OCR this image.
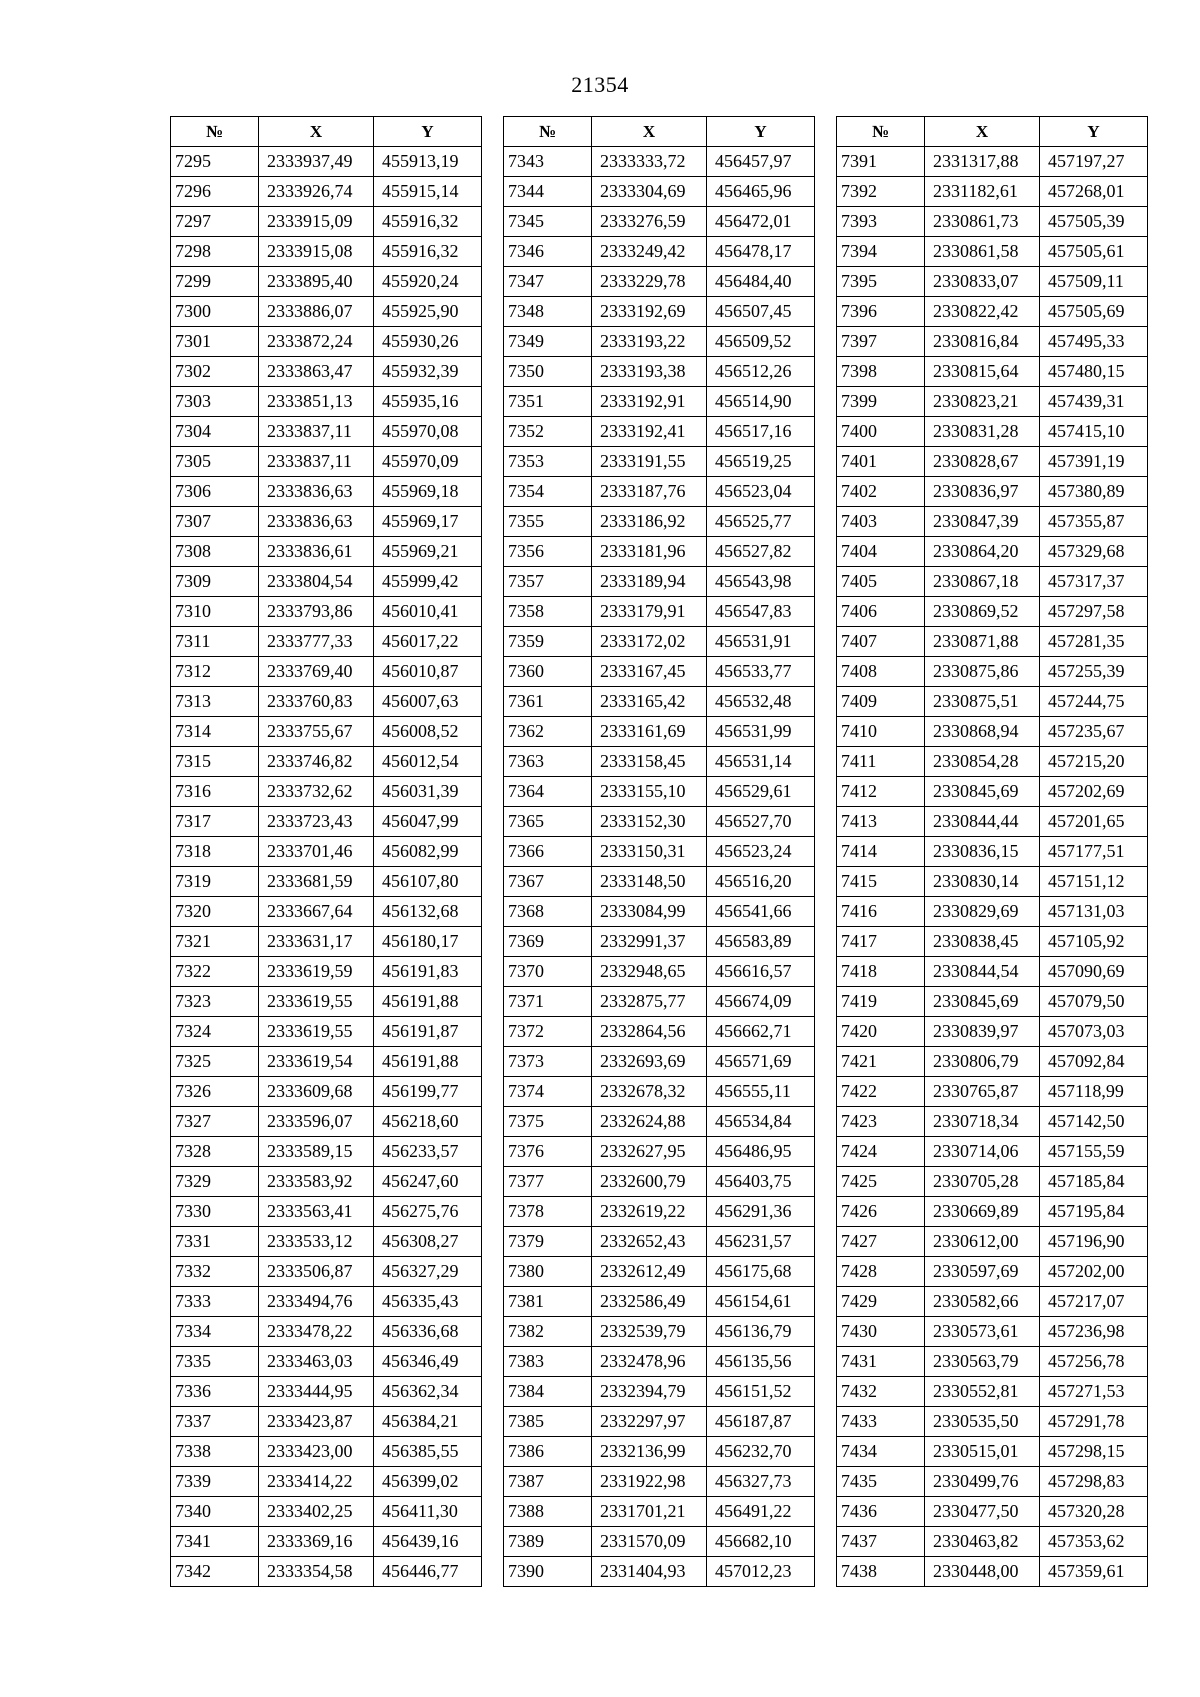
21354
№	X	Y
7295	2333937,49	455913,19
7296	2333926,74	455915,14
7297	2333915,09	455916,32
7298	2333915,08	455916,32
7299	2333895,40	455920,24
7300	2333886,07	455925,90
7301	2333872,24	455930,26
7302	2333863,47	455932,39
7303	2333851,13	455935,16
7304	2333837,11	455970,08
7305	2333837,11	455970,09
7306	2333836,63	455969,18
7307	2333836,63	455969,17
7308	2333836,61	455969,21
7309	2333804,54	455999,42
7310	2333793,86	456010,41
7311	2333777,33	456017,22
7312	2333769,40	456010,87
7313	2333760,83	456007,63
7314	2333755,67	456008,52
7315	2333746,82	456012,54
7316	2333732,62	456031,39
7317	2333723,43	456047,99
7318	2333701,46	456082,99
7319	2333681,59	456107,80
7320	2333667,64	456132,68
7321	2333631,17	456180,17
7322	2333619,59	456191,83
7323	2333619,55	456191,88
7324	2333619,55	456191,87
7325	2333619,54	456191,88
7326	2333609,68	456199,77
7327	2333596,07	456218,60
7328	2333589,15	456233,57
7329	2333583,92	456247,60
7330	2333563,41	456275,76
7331	2333533,12	456308,27
7332	2333506,87	456327,29
7333	2333494,76	456335,43
7334	2333478,22	456336,68
7335	2333463,03	456346,49
7336	2333444,95	456362,34
7337	2333423,87	456384,21
7338	2333423,00	456385,55
7339	2333414,22	456399,02
7340	2333402,25	456411,30
7341	2333369,16	456439,16
7342	2333354,58	456446,77
№	X	Y
7343	2333333,72	456457,97
7344	2333304,69	456465,96
7345	2333276,59	456472,01
7346	2333249,42	456478,17
7347	2333229,78	456484,40
7348	2333192,69	456507,45
7349	2333193,22	456509,52
7350	2333193,38	456512,26
7351	2333192,91	456514,90
7352	2333192,41	456517,16
7353	2333191,55	456519,25
7354	2333187,76	456523,04
7355	2333186,92	456525,77
7356	2333181,96	456527,82
7357	2333189,94	456543,98
7358	2333179,91	456547,83
7359	2333172,02	456531,91
7360	2333167,45	456533,77
7361	2333165,42	456532,48
7362	2333161,69	456531,99
7363	2333158,45	456531,14
7364	2333155,10	456529,61
7365	2333152,30	456527,70
7366	2333150,31	456523,24
7367	2333148,50	456516,20
7368	2333084,99	456541,66
7369	2332991,37	456583,89
7370	2332948,65	456616,57
7371	2332875,77	456674,09
7372	2332864,56	456662,71
7373	2332693,69	456571,69
7374	2332678,32	456555,11
7375	2332624,88	456534,84
7376	2332627,95	456486,95
7377	2332600,79	456403,75
7378	2332619,22	456291,36
7379	2332652,43	456231,57
7380	2332612,49	456175,68
7381	2332586,49	456154,61
7382	2332539,79	456136,79
7383	2332478,96	456135,56
7384	2332394,79	456151,52
7385	2332297,97	456187,87
7386	2332136,99	456232,70
7387	2331922,98	456327,73
7388	2331701,21	456491,22
7389	2331570,09	456682,10
7390	2331404,93	457012,23
№	X	Y
7391	2331317,88	457197,27
7392	2331182,61	457268,01
7393	2330861,73	457505,39
7394	2330861,58	457505,61
7395	2330833,07	457509,11
7396	2330822,42	457505,69
7397	2330816,84	457495,33
7398	2330815,64	457480,15
7399	2330823,21	457439,31
7400	2330831,28	457415,10
7401	2330828,67	457391,19
7402	2330836,97	457380,89
7403	2330847,39	457355,87
7404	2330864,20	457329,68
7405	2330867,18	457317,37
7406	2330869,52	457297,58
7407	2330871,88	457281,35
7408	2330875,86	457255,39
7409	2330875,51	457244,75
7410	2330868,94	457235,67
7411	2330854,28	457215,20
7412	2330845,69	457202,69
7413	2330844,44	457201,65
7414	2330836,15	457177,51
7415	2330830,14	457151,12
7416	2330829,69	457131,03
7417	2330838,45	457105,92
7418	2330844,54	457090,69
7419	2330845,69	457079,50
7420	2330839,97	457073,03
7421	2330806,79	457092,84
7422	2330765,87	457118,99
7423	2330718,34	457142,50
7424	2330714,06	457155,59
7425	2330705,28	457185,84
7426	2330669,89	457195,84
7427	2330612,00	457196,90
7428	2330597,69	457202,00
7429	2330582,66	457217,07
7430	2330573,61	457236,98
7431	2330563,79	457256,78
7432	2330552,81	457271,53
7433	2330535,50	457291,78
7434	2330515,01	457298,15
7435	2330499,76	457298,83
7436	2330477,50	457320,28
7437	2330463,82	457353,62
7438	2330448,00	457359,61
